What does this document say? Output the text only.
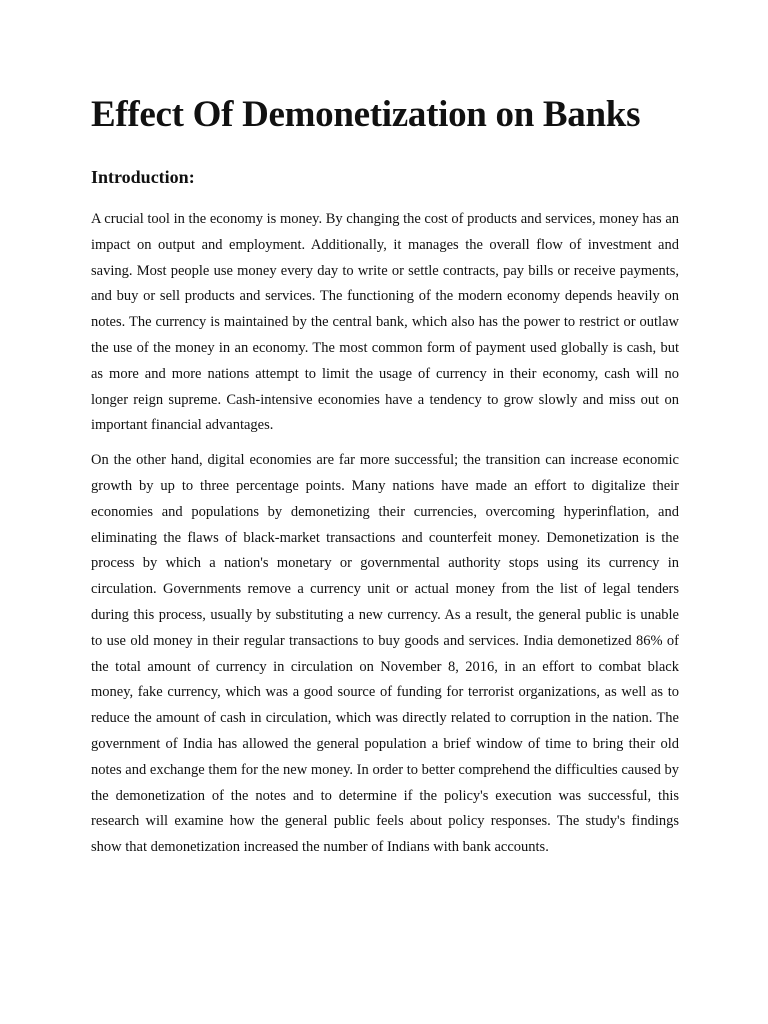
Effect Of Demonetization on Banks
Introduction:

A crucial tool in the economy is money. By changing the cost of products and services, money has an impact on output and employment. Additionally, it manages the overall flow of investment and saving. Most people use money every day to write or settle contracts, pay bills or receive payments, and buy or sell products and services. The functioning of the modern economy depends heavily on notes. The currency is maintained by the central bank, which also has the power to restrict or outlaw the use of the money in an economy. The most common form of payment used globally is cash, but as more and more nations attempt to limit the usage of currency in their economy, cash will no longer reign supreme. Cash-intensive economies have a tendency to grow slowly and miss out on important financial advantages.

On the other hand, digital economies are far more successful; the transition can increase economic growth by up to three percentage points. Many nations have made an effort to digitalize their economies and populations by demonetizing their currencies, overcoming hyperinflation, and eliminating the flaws of black-market transactions and counterfeit money. Demonetization is the process by which a nation's monetary or governmental authority stops using its currency in circulation. Governments remove a currency unit or actual money from the list of legal tenders during this process, usually by substituting a new currency. As a result, the general public is unable to use old money in their regular transactions to buy goods and services. India demonetized 86% of the total amount of currency in circulation on November 8, 2016, in an effort to combat black money, fake currency, which was a good source of funding for terrorist organizations, as well as to reduce the amount of cash in circulation, which was directly related to corruption in the nation. The government of India has allowed the general population a brief window of time to bring their old notes and exchange them for the new money. In order to better comprehend the difficulties caused by the demonetization of the notes and to determine if the policy's execution was successful, this research will examine how the general public feels about policy responses. The study's findings show that demonetization increased the number of Indians with bank accounts.
